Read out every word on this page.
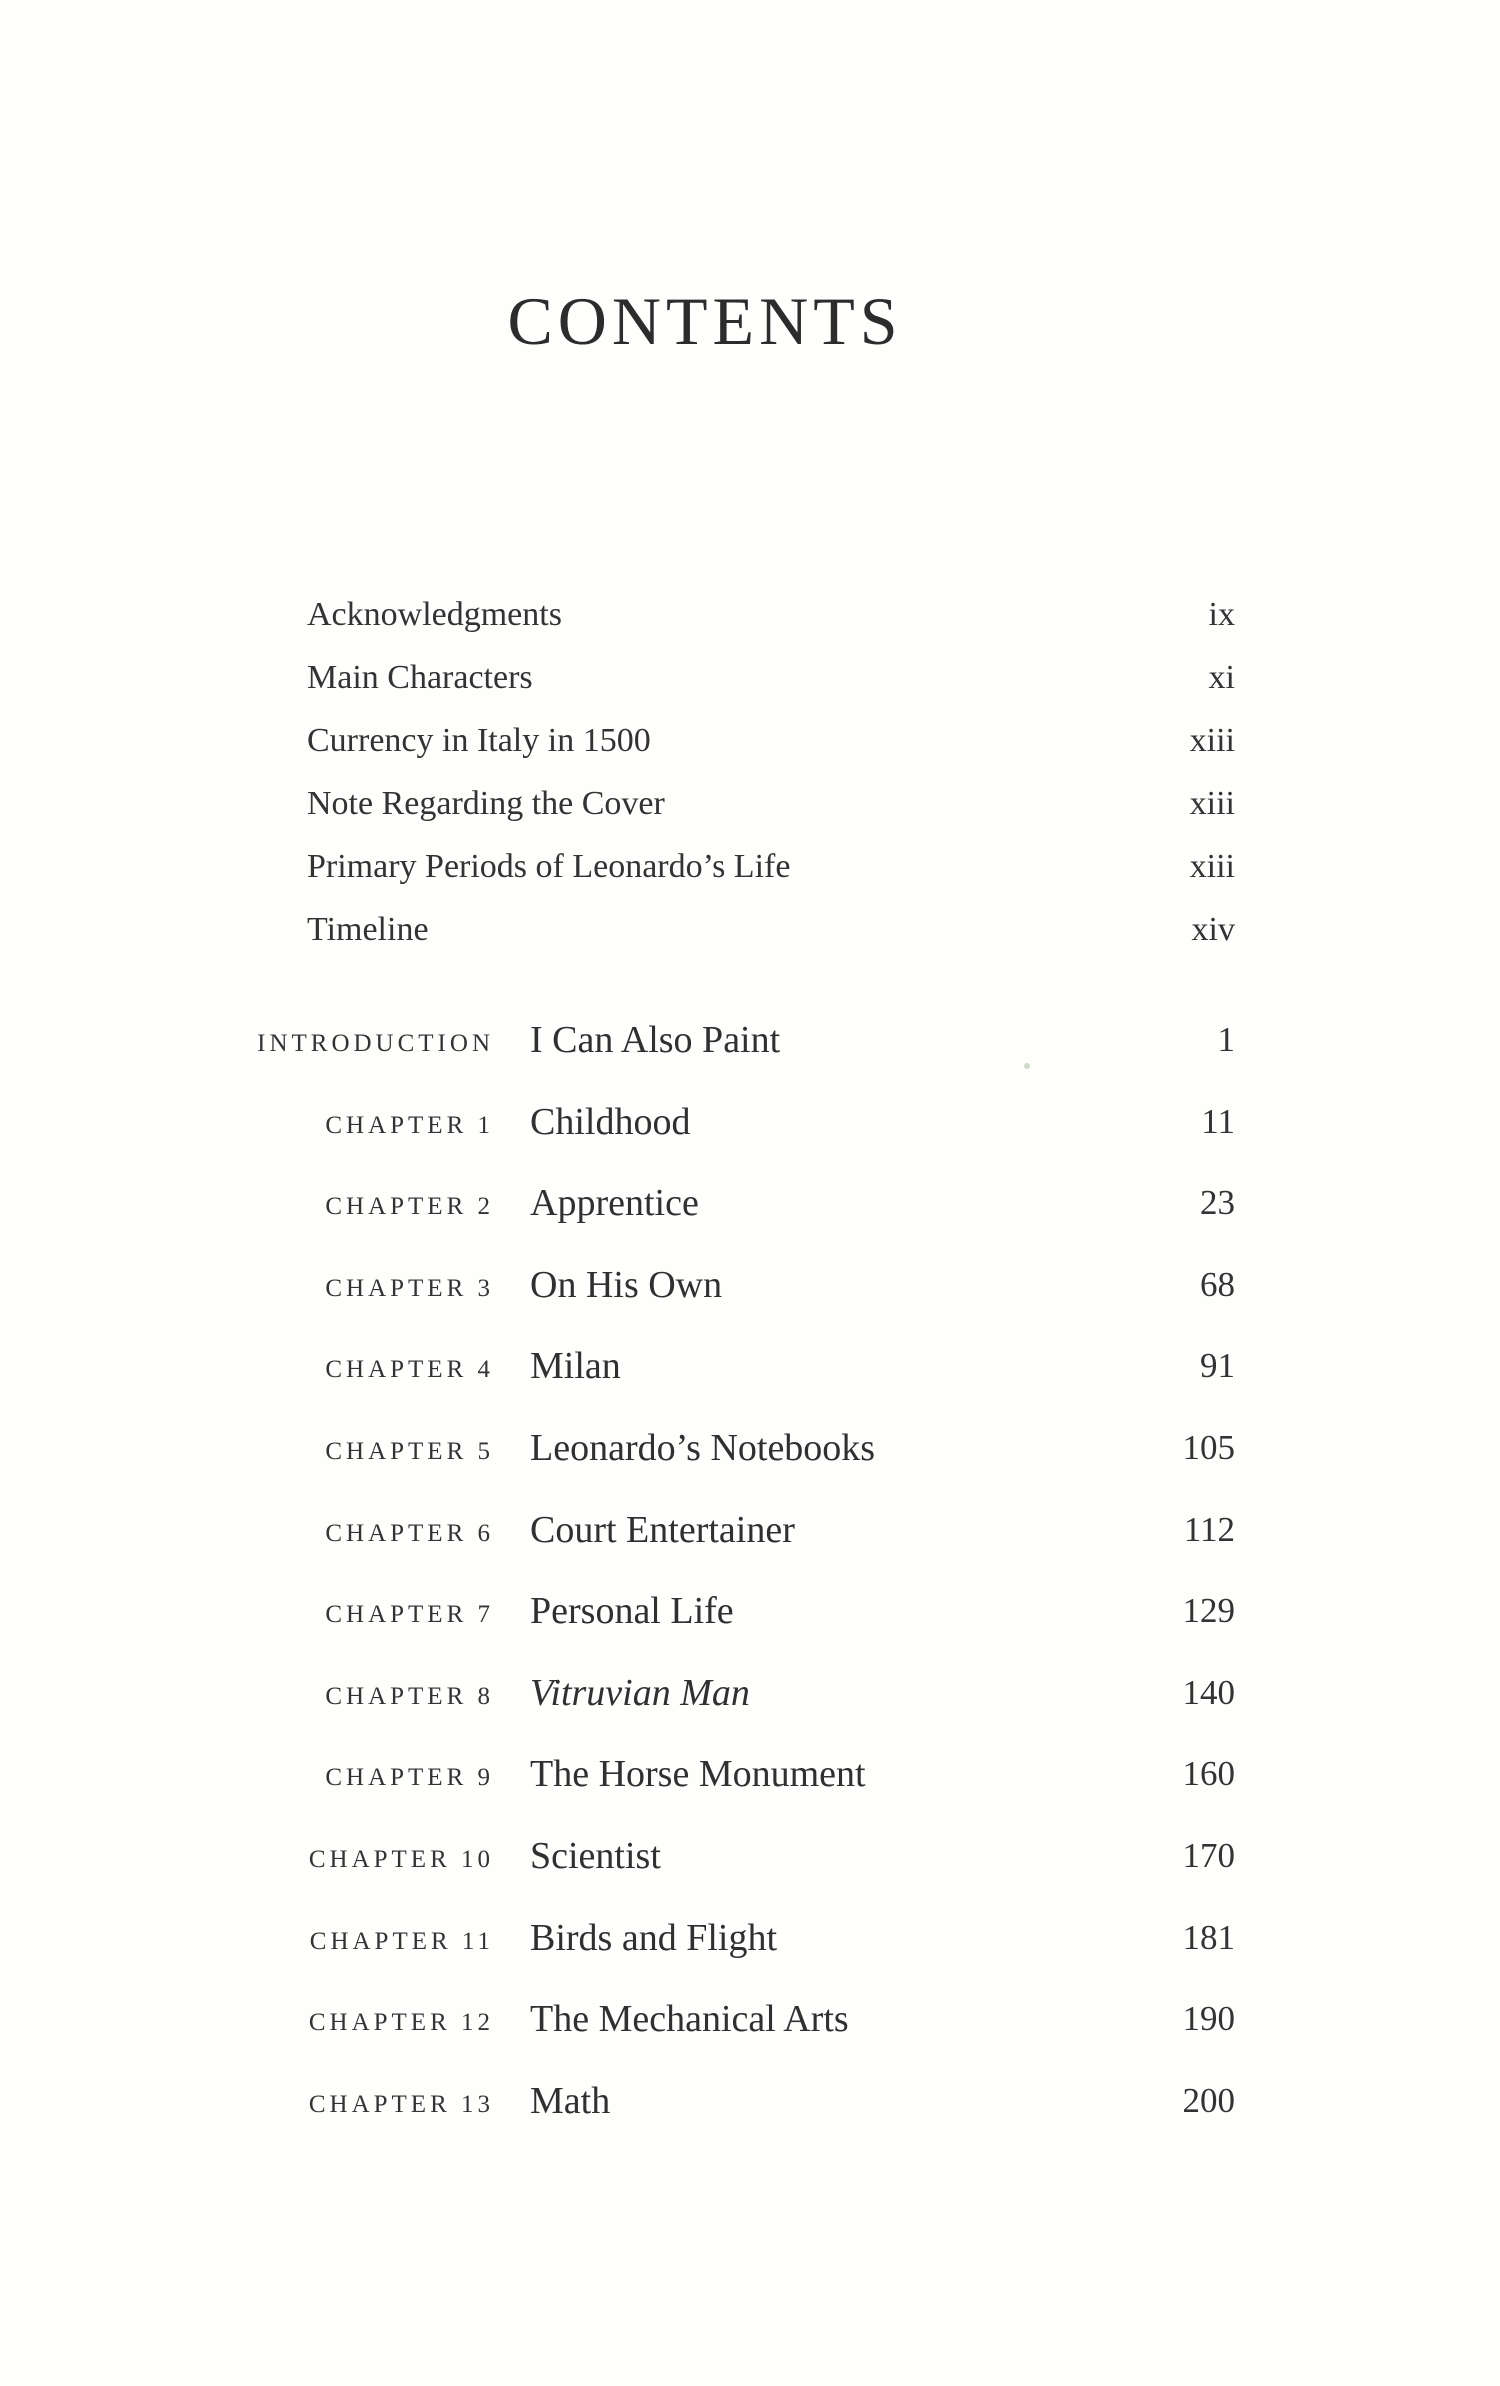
CONTENTS
Acknowledgments	ix
Main Characters	xi
Currency in Italy in 1500	xiii
Note Regarding the Cover	xiii
Primary Periods of Leonardo’s Life	xiii
Timeline	xiv
INTRODUCTION I Can Also Paint	1
CHAPTER 1 Childhood	11
CHAPTER 2 Apprentice	23
CHAPTER 3 On His Own	68
CHAPTER 4 Milan	91
CHAPTER 5 Leonardo’s Notebooks	105
CHAPTER 6 Court Entertainer	112
CHAPTER 7 Personal Life	129
CHAPTER 8 Vitruvian Man	140
CHAPTER 9 The Horse Monument	160
CHAPTER 10 Scientist	170
CHAPTER 11 Birds and Flight	181
CHAPTER 12 The Mechanical Arts	190
CHAPTER 13 Math	200
